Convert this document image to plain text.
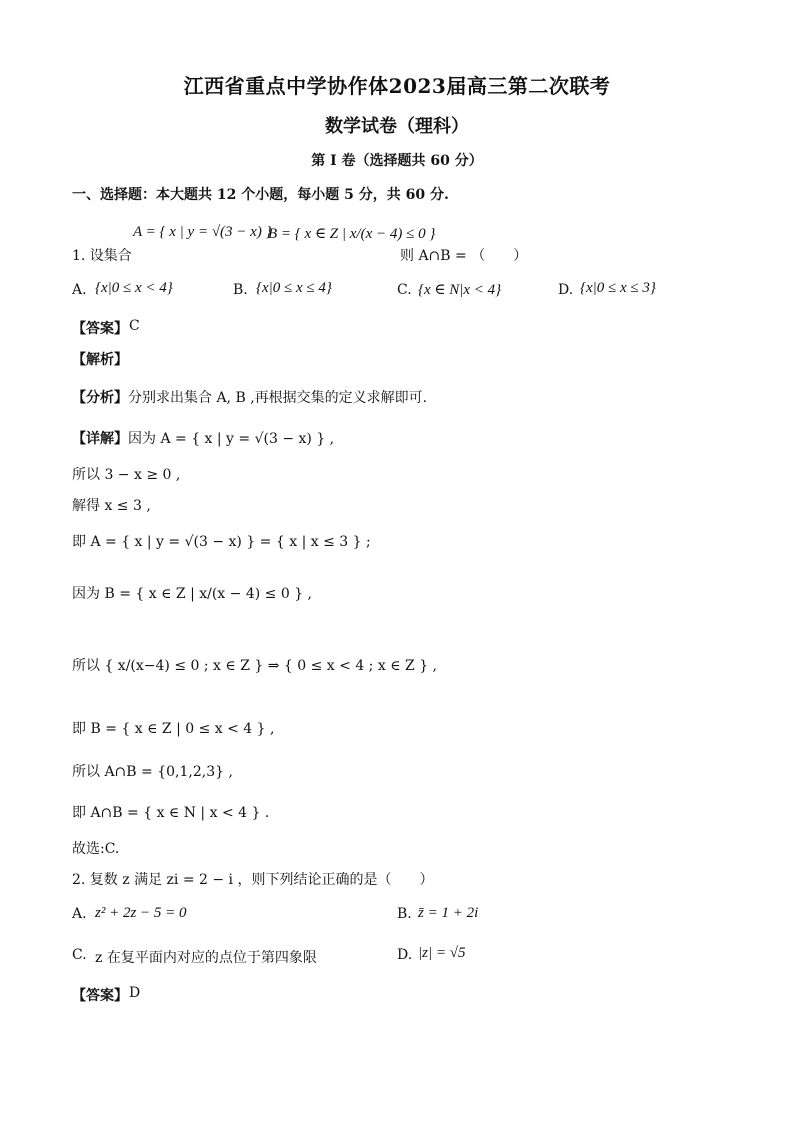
江西省重点中学协作体2023届高三第二次联考
数学试卷（理科）
第 I 卷（选择题共 60 分）
一、选择题：本大题共 12 个小题，每小题 5 分，共 60 分.
1. 设集合
A = { x | y = √(3 − x) }
B = { x ∈ Z | x/(x − 4) ≤ 0 }
则 A∩B = （　　）
A. {x|0 ≤ x < 4}	B. {x|0 ≤ x ≤ 4}	C. {x ∈ N|x < 4}	D. {x|0 ≤ x ≤ 3}
【答案】 C
【解析】
【分析】 分别求出集合 A, B ,再根据交集的定义求解即可.
【详解】 因为 A = { x | y = √(3 − x) } ,
所以 3 − x ≥ 0 ,
解得 x ≤ 3 ,
即 A = { x | y = √(3 − x) } = { x | x ≤ 3 } ;
因为 B = { x ∈ Z | x/(x − 4) ≤ 0 } ,
所以 { x/(x−4) ≤ 0 ; x ∈ Z } ⇒ { 0 ≤ x < 4 ; x ∈ Z } ,
即 B = { x ∈ Z | 0 ≤ x < 4 } ,
所以 A∩B = {0,1,2,3} ,
即 A∩B = { x ∈ N | x < 4 } .
故选:C.
2. 复数 z 满足 zi = 2 − i ，则下列结论正确的是（　　）
A. z² + 2z − 5 = 0	B. z̄ = 1 + 2i
C. z 在复平面内对应的点位于第四象限	D. |z| = √5
【答案】 D
